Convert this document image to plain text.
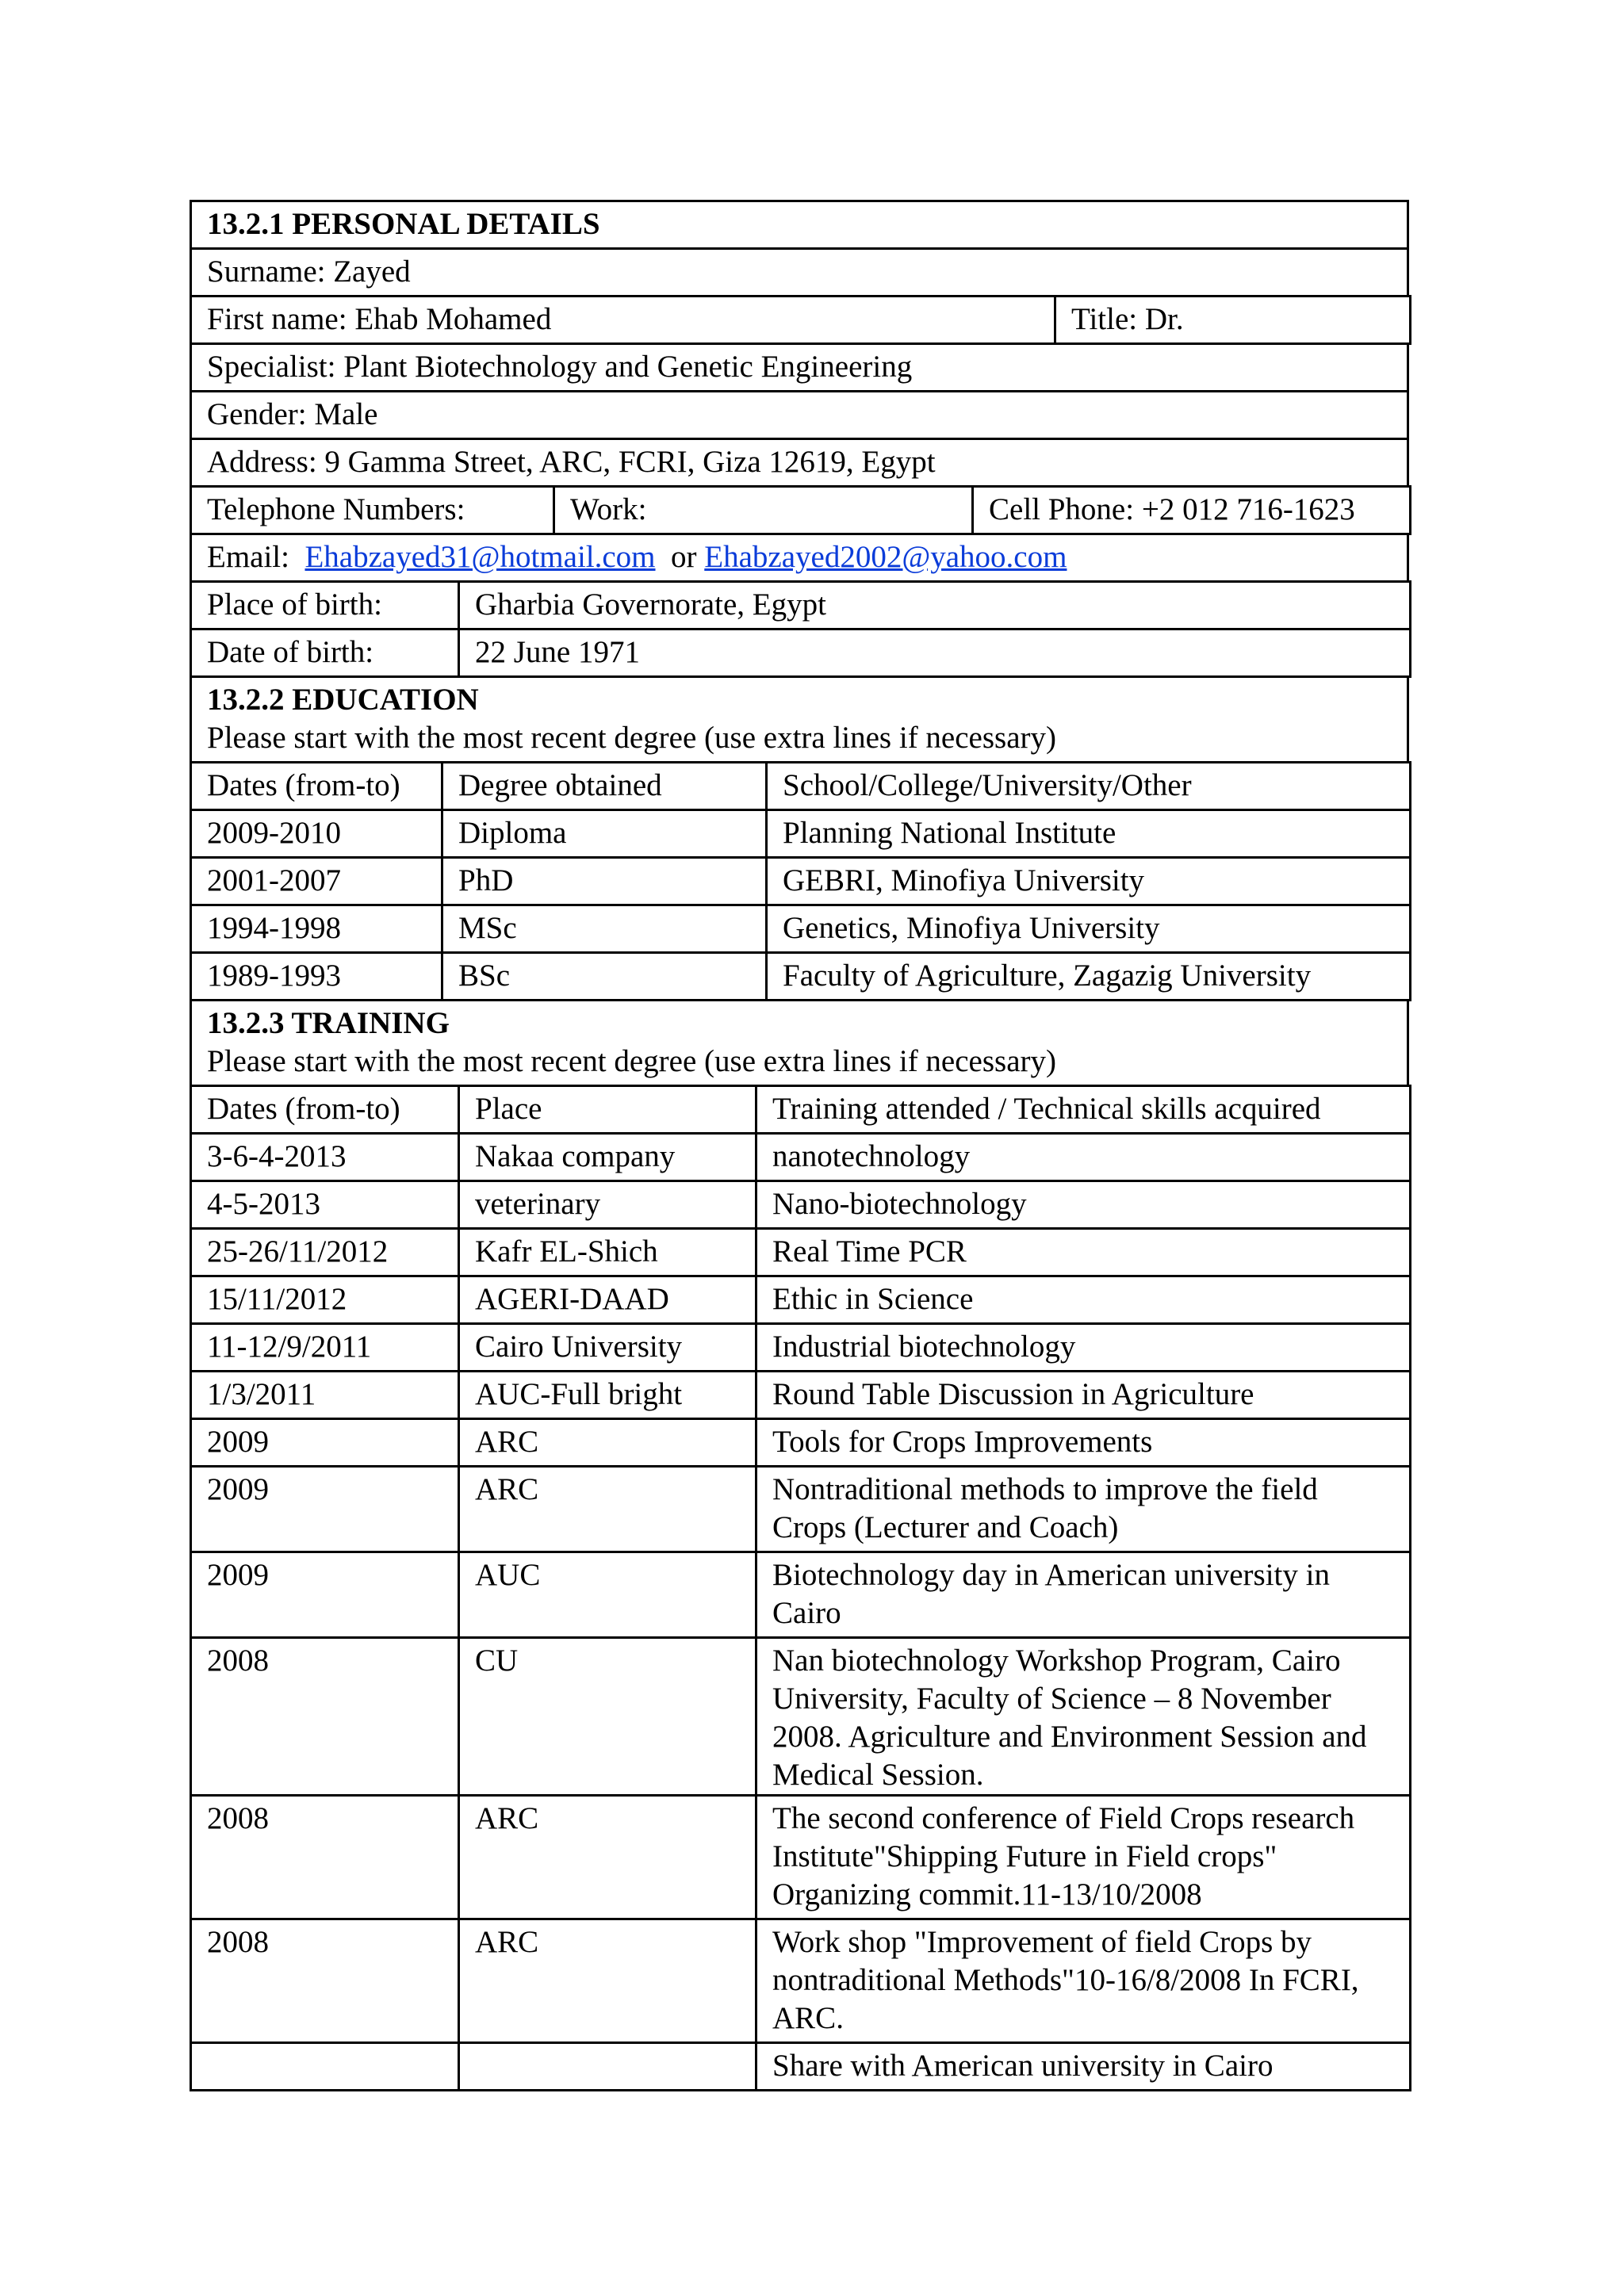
13.2.1 PERSONAL DETAILS
Surname: Zayed
First name: Ehab Mohamed	Title: Dr.
Specialist: Plant Biotechnology and Genetic Engineering
Gender: Male
Address: 9 Gamma Street, ARC, FCRI, Giza 12619, Egypt
Telephone Numbers:	Work:	Cell Phone: +2 012 716-1623
Email: Ehabzayed31@hotmail.com or Ehabzayed2002@yahoo.com
Place of birth:	Gharbia Governorate, Egypt
Date of birth:	22 June 1971
13.2.2 EDUCATION
Please start with the most recent degree (use extra lines if necessary)
Dates (from-to)	Degree obtained	School/College/University/Other
2009-2010	Diploma	Planning National Institute
2001-2007	PhD	GEBRI, Minofiya University
1994-1998	MSc	Genetics, Minofiya University
1989-1993	BSc	Faculty of Agriculture, Zagazig University
13.2.3 TRAINING
Please start with the most recent degree (use extra lines if necessary)
Dates (from-to)	Place	Training attended / Technical skills acquired
3-6-4-2013	Nakaa company	nanotechnology
4-5-2013	veterinary	Nano-biotechnology
25-26/11/2012	Kafr EL-Shich	Real Time PCR
15/11/2012	AGERI-DAAD	Ethic in Science
11-12/9/2011	Cairo University	Industrial biotechnology
1/3/2011	AUC-Full bright	Round Table Discussion in Agriculture
2009	ARC	Tools for Crops Improvements
2009	ARC	Nontraditional methods to improve the field Crops (Lecturer and Coach)
2009	AUC	Biotechnology day in American university in Cairo
2008	CU	Nan biotechnology Workshop Program, Cairo University, Faculty of Science – 8 November 2008. Agriculture and Environment Session and Medical Session.
2008	ARC	The second conference of Field Crops research Institute"Shipping Future in Field crops" Organizing commit.11-13/10/2008
2008	ARC	Work shop "Improvement of field Crops by nontraditional Methods"10-16/8/2008 In FCRI, ARC.
		Share with American university in Cairo
